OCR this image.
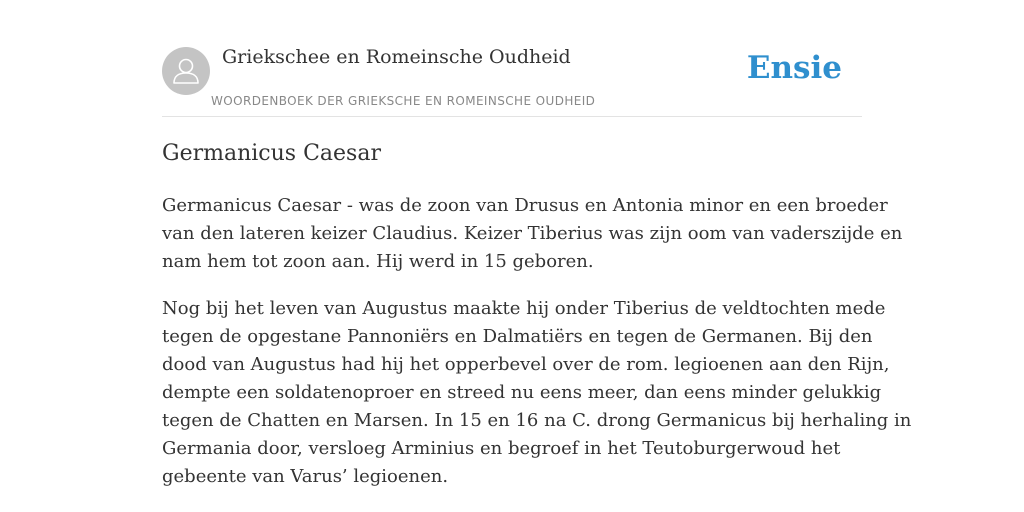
Griekschee en Romeinsche Oudheid
WOORDENBOEK DER GRIEKSCHE EN ROMEINSCHE OUDHEID
Ensie
Germanicus Caesar

Germanicus Caesar - was de zoon van Drusus en Antonia minor en een broeder
van den lateren keizer Claudius. Keizer Tiberius was zijn oom van vaderszijde en
nam hem tot zoon aan. Hij werd in 15 geboren.

Nog bij het leven van Augustus maakte hij onder Tiberius de veldtochten mede
tegen de opgestane Pannoniërs en Dalmatiërs en tegen de Germanen. Bij den
dood van Augustus had hij het opperbevel over de rom. legioenen aan den Rijn,
dempte een soldatenoproer en streed nu eens meer, dan eens minder gelukkig
tegen de Chatten en Marsen. In 15 en 16 na C. drong Germanicus bij herhaling in
Germania door, versloeg Arminius en begroef in het Teutoburgerwoud het
gebeente van Varus’ legioenen.
